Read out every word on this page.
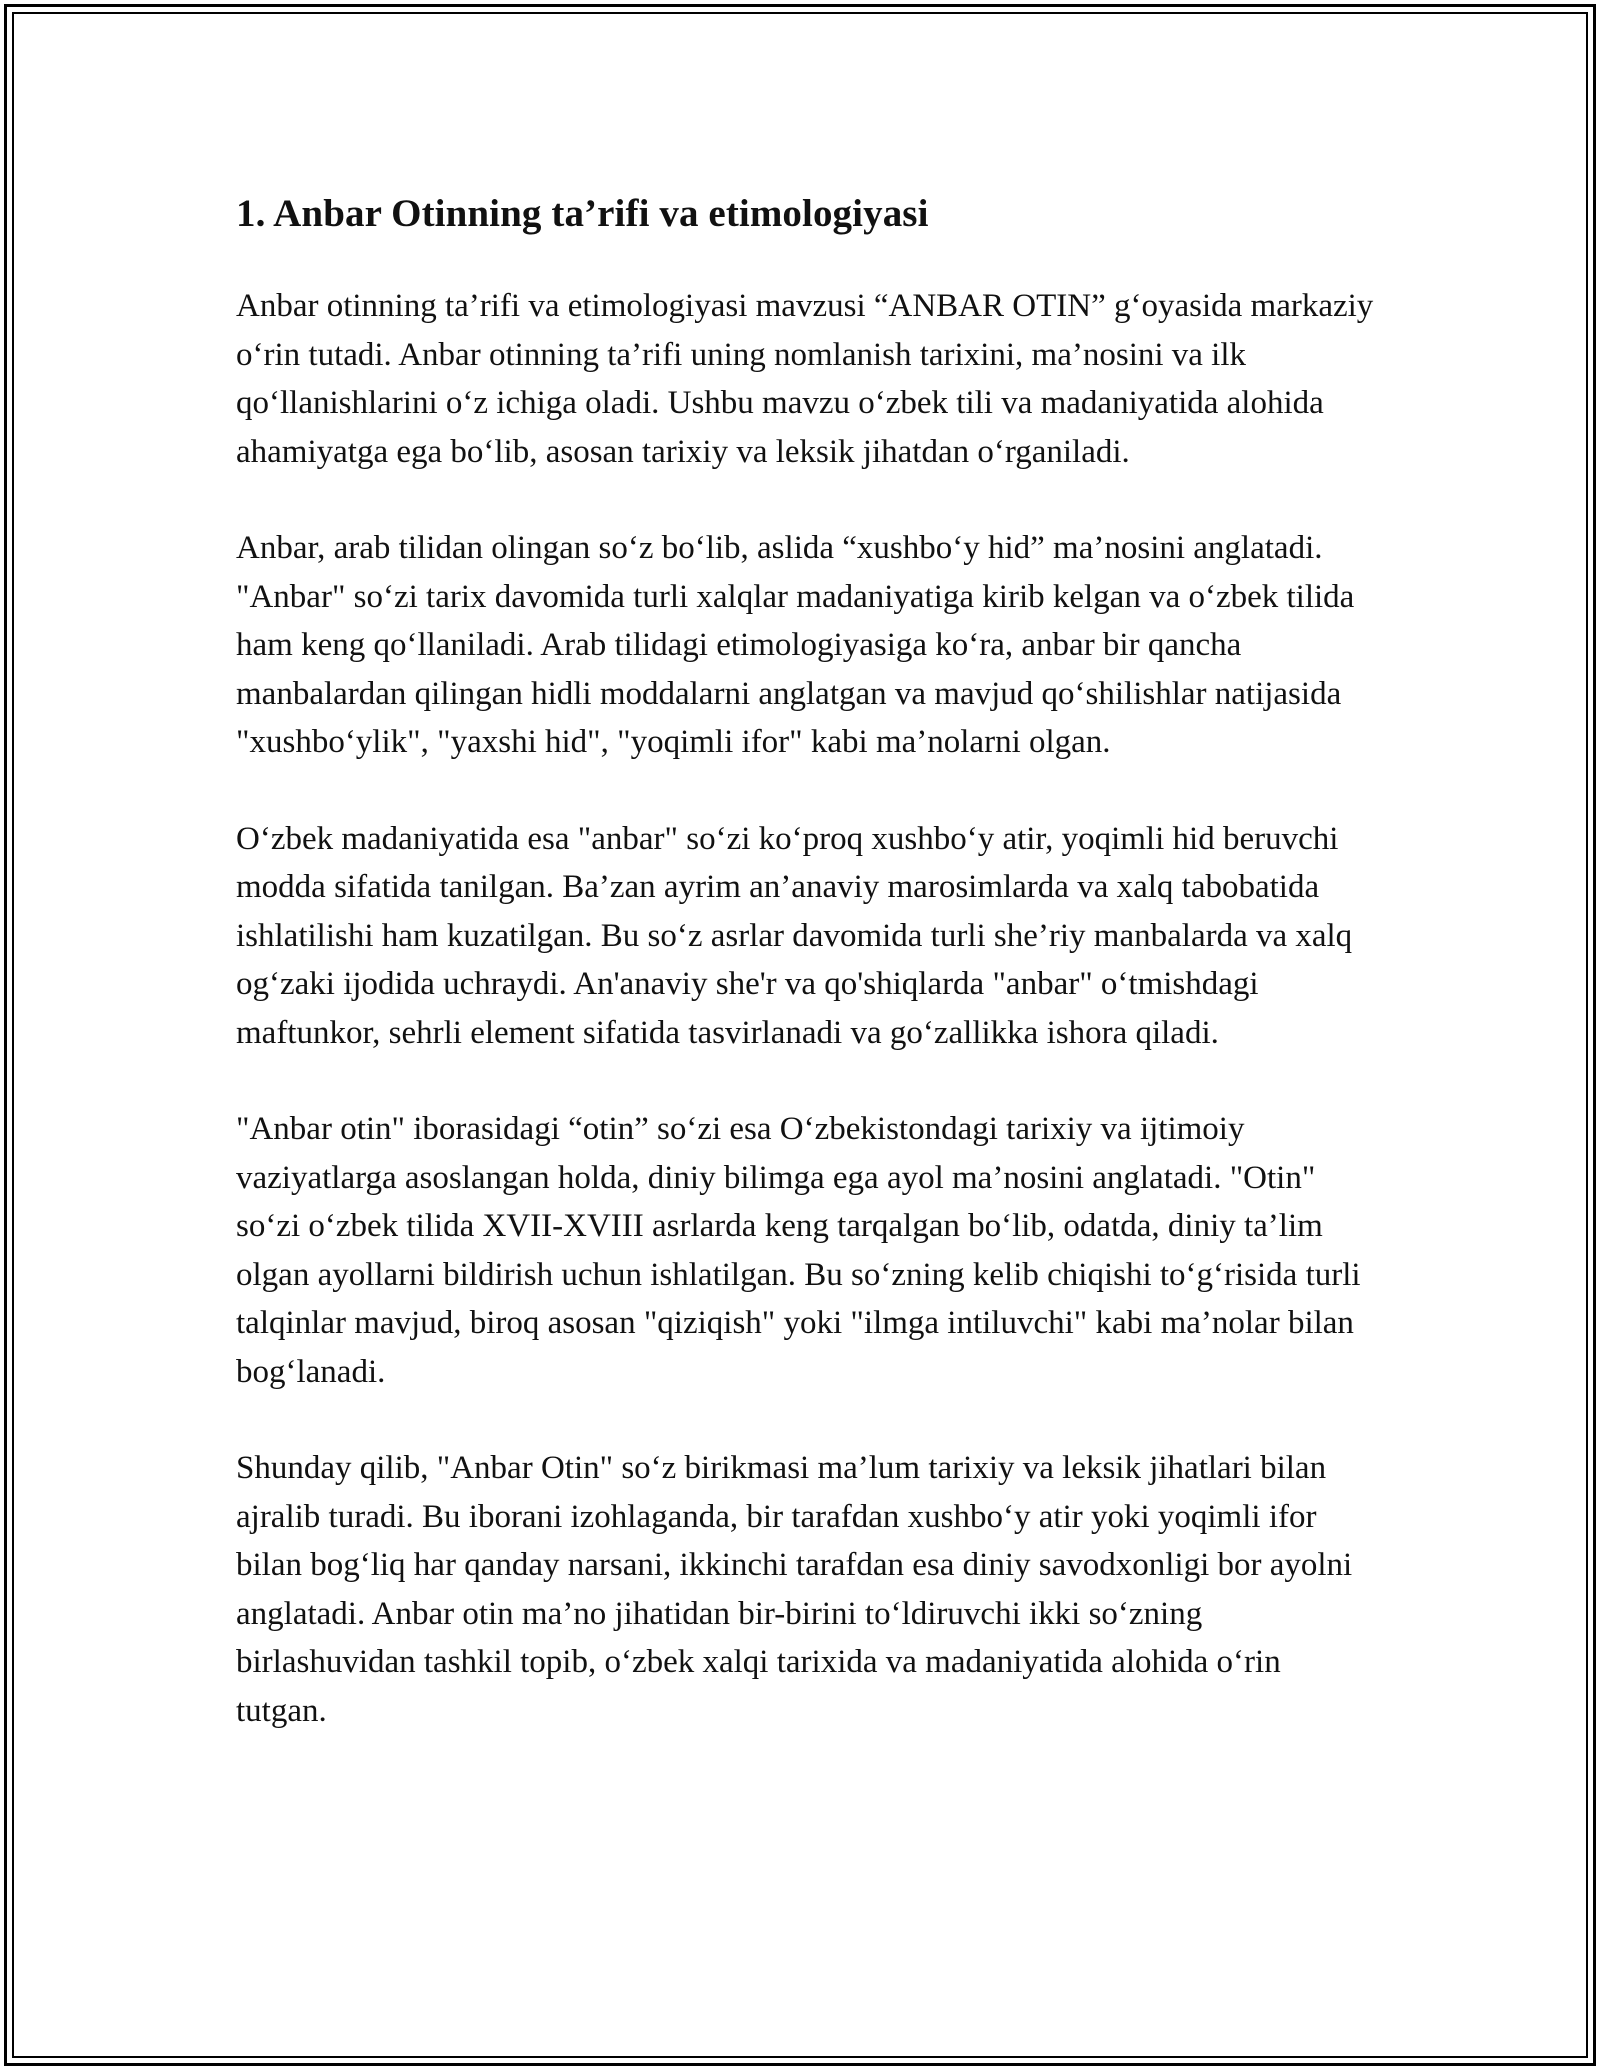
1. Anbar Otinning ta’rifi va etimologiyasi

Anbar otinning ta’rifi va etimologiyasi mavzusi “ANBAR OTIN” g‘oyasida markaziy o‘rin tutadi. Anbar otinning ta’rifi uning nomlanish tarixini, ma’nosini va ilk qo‘llanishlarini o‘z ichiga oladi. Ushbu mavzu o‘zbek tili va madaniyatida alohida ahamiyatga ega bo‘lib, asosan tarixiy va leksik jihatdan o‘rganiladi.

Anbar, arab tilidan olingan so‘z bo‘lib, aslida “xushbo‘y hid” ma’nosini anglatadi. "Anbar" so‘zi tarix davomida turli xalqlar madaniyatiga kirib kelgan va o‘zbek tilida ham keng qo‘llaniladi. Arab tilidagi etimologiyasiga ko‘ra, anbar bir qancha manbalardan qilingan hidli moddalarni anglatgan va mavjud qo‘shilishlar natijasida "xushbo‘ylik", "yaxshi hid", "yoqimli ifor" kabi ma’nolarni olgan.

O‘zbek madaniyatida esa "anbar" so‘zi ko‘proq xushbo‘y atir, yoqimli hid beruvchi modda sifatida tanilgan. Ba’zan ayrim an’anaviy marosimlarda va xalq tabobatida ishlatilishi ham kuzatilgan. Bu so‘z asrlar davomida turli she’riy manbalarda va xalq og‘zaki ijodida uchraydi. An'anaviy she'r va qo'shiqlarda "anbar" o‘tmishdagi maftunkor, sehrli element sifatida tasvirlanadi va go‘zallikka ishora qiladi.

"Anbar otin" iborasidagi “otin” so‘zi esa O‘zbekistondagi tarixiy va ijtimoiy vaziyatlarga asoslangan holda, diniy bilimga ega ayol ma’nosini anglatadi. "Otin" so‘zi o‘zbek tilida XVII-XVIII asrlarda keng tarqalgan bo‘lib, odatda, diniy ta’lim olgan ayollarni bildirish uchun ishlatilgan. Bu so‘zning kelib chiqishi to‘g‘risida turli talqinlar mavjud, biroq asosan "qiziqish" yoki "ilmga intiluvchi" kabi ma’nolar bilan bog‘lanadi.

Shunday qilib, "Anbar Otin" so‘z birikmasi ma’lum tarixiy va leksik jihatlari bilan ajralib turadi. Bu iborani izohlaganda, bir tarafdan xushbo‘y atir yoki yoqimli ifor bilan bog‘liq har qanday narsani, ikkinchi tarafdan esa diniy savodxonligi bor ayolni anglatadi. Anbar otin ma’no jihatidan bir-birini to‘ldiruvchi ikki so‘zning birlashuvidan tashkil topib, o‘zbek xalqi tarixida va madaniyatida alohida o‘rin tutgan.
